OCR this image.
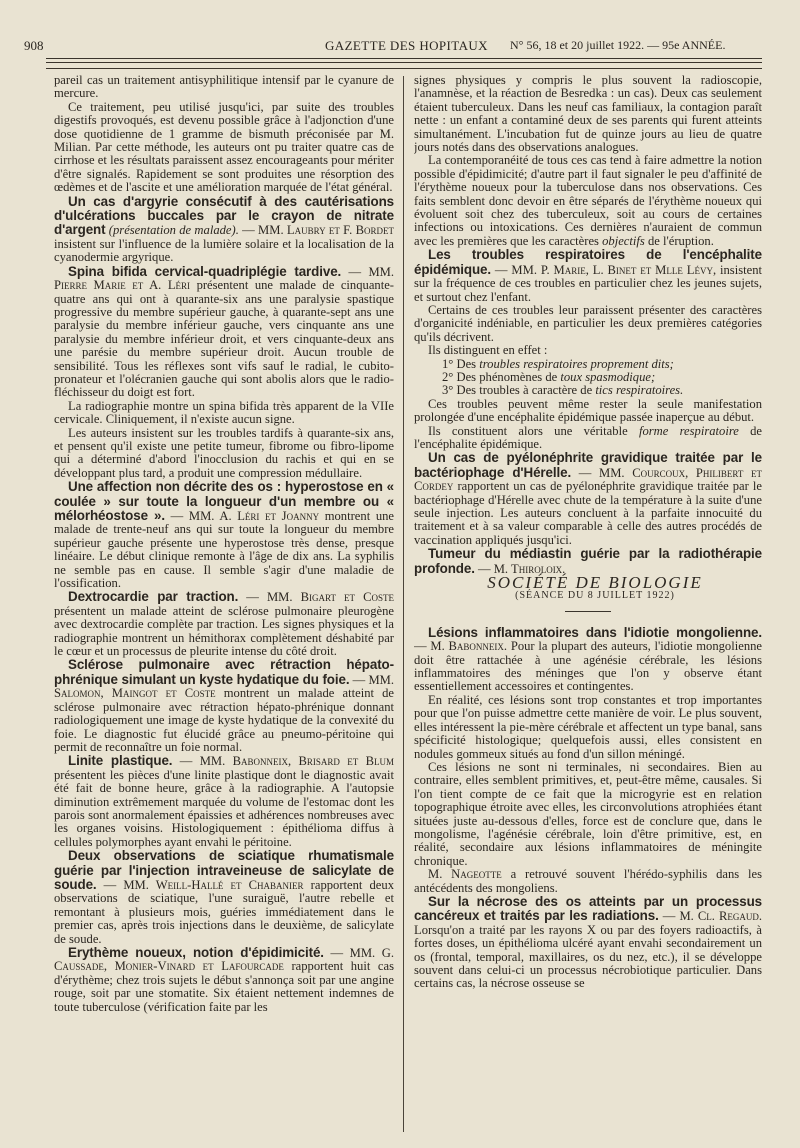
908	GAZETTE DES HOPITAUX N° 56, 18 et 20 juillet 1922. — 95e ANNÉE.

pareil cas un traitement antisyphilitique intensif par le cyanure de mercure.

Ce traitement, peu utilisé jusqu'ici, par suite des troubles digestifs provoqués, est devenu possible grâce à l'adjonction d'une dose quotidienne de 1 gramme de bismuth préconisée par M. Milian. Par cette méthode, les auteurs ont pu traiter quatre cas de cirrhose et les résultats paraissent assez encourageants pour mériter d'être signalés. Rapidement se sont produites une résorption des œdèmes et de l'ascite et une amélioration marquée de l'état général.

Un cas d'argyrie consécutif à des cautérisations d'ulcérations buccales par le crayon de nitrate d'argent (présentation de malade). — MM. Laubry et F. Bordet insistent sur l'influence de la lumière solaire et la localisation de la cyanodermie argyrique.

Spina bifida cervical-quadriplégie tardive. — MM. Pierre Marie et A. Léri présentent une malade de cinquante-quatre ans qui ont à quarante-six ans une paralysie spastique progressive du membre supérieur gauche, à quarante-sept ans une paralysie du membre inférieur gauche, vers cinquante ans une paralysie du membre inférieur droit, et vers cinquante-deux ans une parésie du membre supérieur droit. Aucun trouble de sensibilité. Tous les réflexes sont vifs sauf le radial, le cubito-pronateur et l'olécranien gauche qui sont abolis alors que le radio-fléchisseur du doigt est fort.

La radiographie montre un spina bifida très apparent de la VIIe cervicale. Cliniquement, il n'existe aucun signe.

Les auteurs insistent sur les troubles tardifs à quarante-six ans, et pensent qu'il existe une petite tumeur, fibrome ou fibro-lipome qui a déterminé d'abord l'inocclusion du rachis et qui en se développant plus tard, a produit une compression médullaire.

Une affection non décrite des os : hyperostose en « coulée » sur toute la longueur d'un membre ou « mélorhéostose ». — MM. A. Léri et Joanny montrent une malade de trente-neuf ans qui sur toute la longueur du membre supérieur gauche présente une hyperostose très dense, presque linéaire. Le début clinique remonte à l'âge de dix ans. La syphilis ne semble pas en cause. Il semble s'agir d'une maladie de l'ossification.

Dextrocardie par traction. — MM. Bigart et Coste présentent un malade atteint de sclérose pulmonaire pleurogène avec dextrocardie complète par traction. Les signes physiques et la radiographie montrent un hémithorax complètement déshabité par le cœur et un processus de pleurite intense du côté droit.

Sclérose pulmonaire avec rétraction hépato-phrénique simulant un kyste hydatique du foie. — MM. Salomon, Maingot et Coste montrent un malade atteint de sclérose pulmonaire avec rétraction hépato-phrénique donnant radiologiquement une image de kyste hydatique de la convexité du foie. Le diagnostic fut élucidé grâce au pneumo-péritoine qui permit de reconnaître un foie normal.

Linite plastique. — MM. Babonneix, Brisard et Blum présentent les pièces d'une linite plastique dont le diagnostic avait été fait de bonne heure, grâce à la radiographie. A l'autopsie diminution extrêmement marquée du volume de l'estomac dont les parois sont anormalement épaissies et adhérences nombreuses avec les organes voisins. Histologiquement : épithélioma diffus à cellules polymorphes ayant envahi le péritoine.

Deux observations de sciatique rhumatismale guérie par l'injection intraveineuse de salicylate de soude. — MM. Weill-Hallé et Chabanier rapportent deux observations de sciatique, l'une suraiguë, l'autre rebelle et remontant à plusieurs mois, guéries immédiatement dans le premier cas, après trois injections dans le deuxième, de salicylate de soude.

Erythème noueux, notion d'épidimicité. — MM. G. Caussade, Monier-Vinard et Lafourcade rapportent huit cas d'érythème; chez trois sujets le début s'annonça soit par une angine rouge, soit par une stomatite. Six étaient nettement indemnes de toute tuberculose (vérification faite par les

signes physiques y compris le plus souvent la radioscopie, l'anamnèse, et la réaction de Besredka : un cas). Deux cas seulement étaient tuberculeux. Dans les neuf cas familiaux, la contagion paraît nette : un enfant a contaminé deux de ses parents qui furent atteints simultanément. L'incubation fut de quinze jours au lieu de quatre jours notés dans des observations analogues.

La contemporanéité de tous ces cas tend à faire admettre la notion possible d'épidimicité; d'autre part il faut signaler le peu d'affinité de l'érythème noueux pour la tuberculose dans nos observations. Ces faits semblent donc devoir en être séparés de l'érythème noueux qui évoluent soit chez des tuberculeux, soit au cours de certaines infections ou intoxications. Ces dernières n'auraient de commun avec les premières que les caractères objectifs de l'éruption.

Les troubles respiratoires de l'encéphalite épidémique. — MM. P. Marie, L. Binet et Mlle Lévy, insistent sur la fréquence de ces troubles en particulier chez les jeunes sujets, et surtout chez l'enfant.

Certains de ces troubles leur paraissent présenter des caractères d'organicité indéniable, en particulier les deux premières catégories qu'ils décrivent.

Ils distinguent en effet :

1° Des troubles respiratoires proprement dits;

2° Des phénomènes de toux spasmodique;

3° Des troubles à caractère de tics respiratoires.

Ces troubles peuvent même rester la seule manifestation prolongée d'une encéphalite épidémique passée inaperçue au début.

Ils constituent alors une véritable forme respiratoire de l'encéphalite épidémique.

Un cas de pyélonéphrite gravidique traitée par le bactériophage d'Hérelle. — MM. Courcoux, Philibert et Cordey rapportent un cas de pyélonéphrite gravidique traitée par le bactériophage d'Hérelle avec chute de la température à la suite d'une seule injection. Les auteurs concluent à la parfaite innocuité du traitement et à sa valeur comparable à celle des autres procédés de vaccination appliqués jusqu'ici.

Tumeur du médiastin guérie par la radiothérapie profonde. — M. Thiroloix.

SOCIÉTÉ DE BIOLOGIE

(SÉANCE DU 8 JUILLET 1922)

Lésions inflammatoires dans l'idiotie mongolienne. — M. Babonneix. Pour la plupart des auteurs, l'idiotie mongolienne doit être rattachée à une agénésie cérébrale, les lésions inflammatoires des méninges que l'on y observe étant essentiellement accessoires et contingentes.

En réalité, ces lésions sont trop constantes et trop importantes pour que l'on puisse admettre cette manière de voir. Le plus souvent, elles intéressent la pie-mère cérébrale et affectent un type banal, sans spécificité histologique; quelquefois aussi, elles consistent en nodules gommeux situés au fond d'un sillon méningé.

Ces lésions ne sont ni terminales, ni secondaires. Bien au contraire, elles semblent primitives, et, peut-être même, causales. Si l'on tient compte de ce fait que la microgyrie est en relation topographique étroite avec elles, les circonvolutions atrophiées étant situées juste au-dessous d'elles, force est de conclure que, dans le mongolisme, l'agénésie cérébrale, loin d'être primitive, est, en réalité, secondaire aux lésions inflammatoires de méningite chronique.

M. Nageotte a retrouvé souvent l'hérédo-syphilis dans les antécédents des mongoliens.

Sur la nécrose des os atteints par un processus cancéreux et traités par les radiations. — M. Cl. Regaud. Lorsqu'on a traité par les rayons X ou par des foyers radioactifs, à fortes doses, un épithélioma ulcéré ayant envahi secondairement un os (frontal, temporal, maxillaires, os du nez, etc.), il se développe souvent dans celui-ci un processus nécrobiotique particulier. Dans certains cas, la nécrose osseuse se
